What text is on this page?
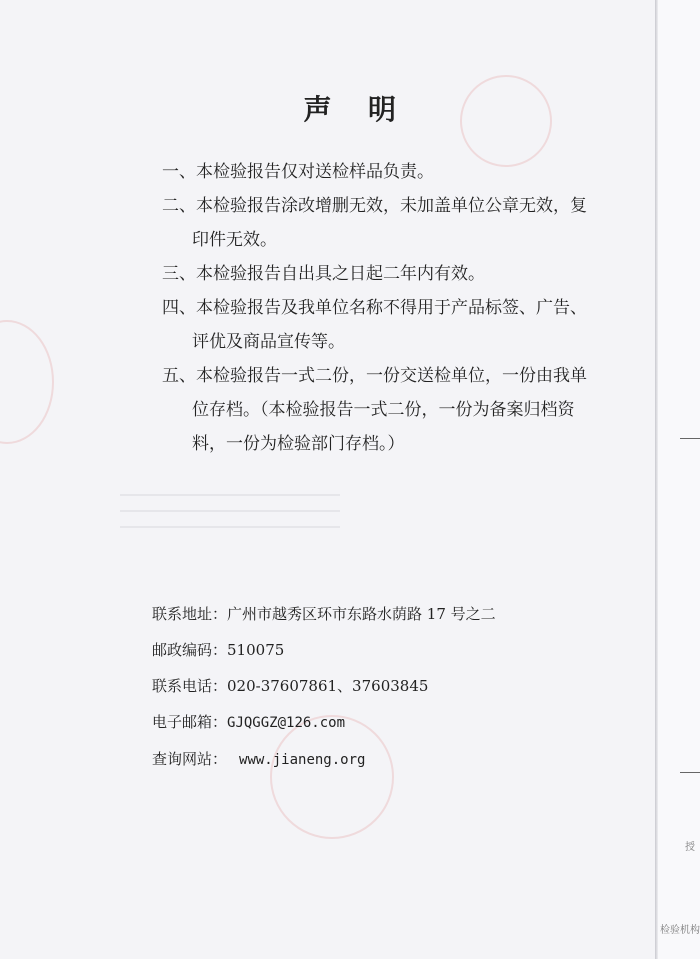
授
检验机构
声 明
一、本检验报告仅对送检样品负责。
二、本检验报告涂改增删无效，未加盖单位公章无效，复
印件无效。
三、本检验报告自出具之日起二年内有效。
四、本检验报告及我单位名称不得用于产品标签、广告、
评优及商品宣传等。
五、本检验报告一式二份，一份交送检单位，一份由我单
位存档。（本检验报告一式二份，一份为备案归档资
料，一份为检验部门存档。）
联系地址：广州市越秀区环市东路水荫路 17 号之二
邮政编码：510075
联系电话：020-37607861、37603845
电子邮箱：GJQGGZ@126.com
查询网站： www.jianeng.org
